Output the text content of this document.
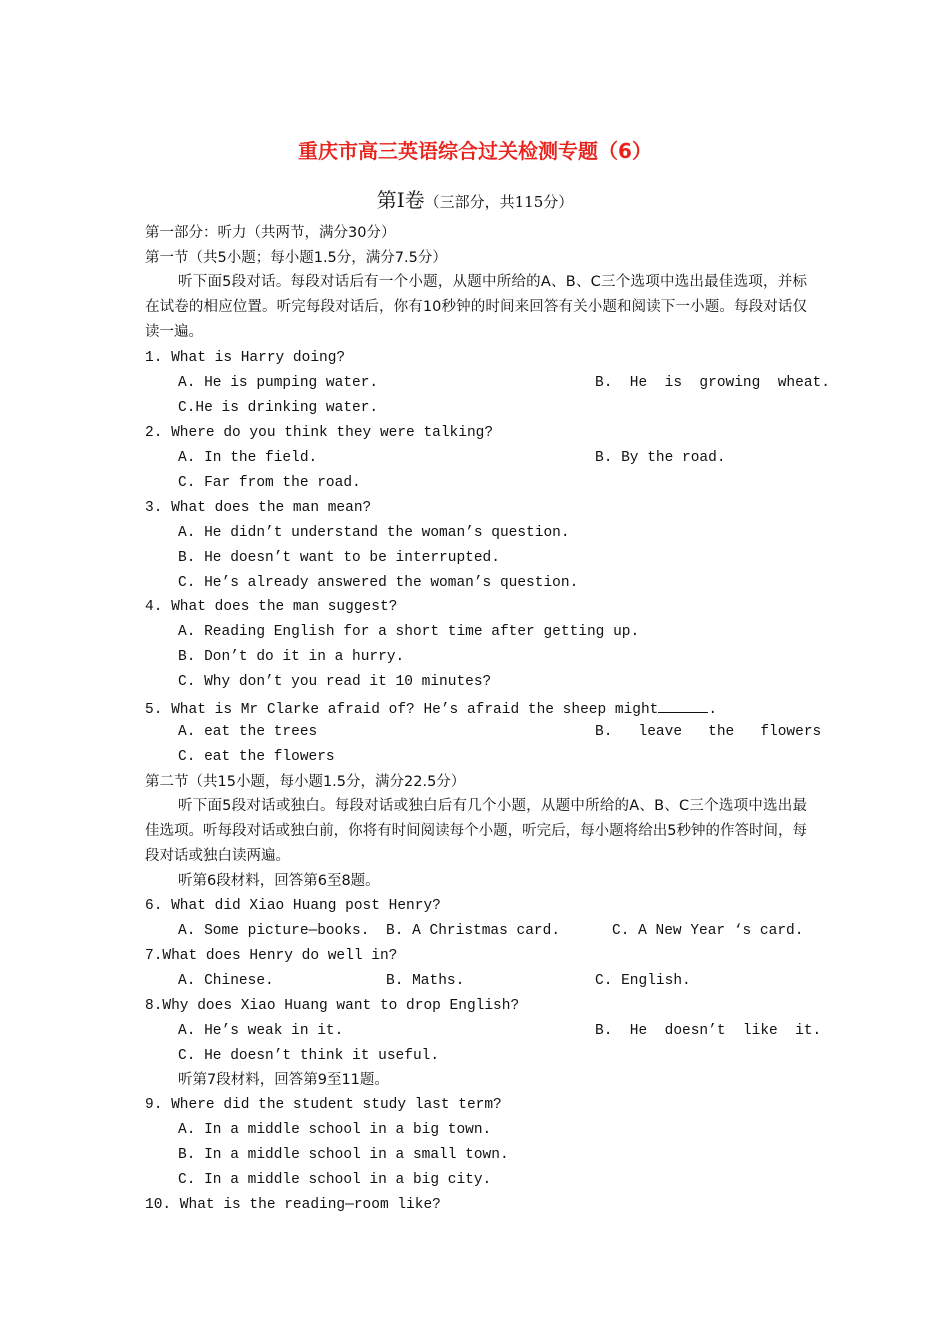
重庆市高三英语综合过关检测专题（6）
第Ⅰ卷（三部分，共115分）
第一部分：听力（共两节，满分30分）
第一节（共5小题；每小题1.5分，满分7.5分）
听下面5段对话。每段对话后有一个小题，从题中所给的A、B、C三个选项中选出最佳选项，并标在试卷的相应位置。听完每段对话后，你有10秒钟的时间来回答有关小题和阅读下一小题。每段对话仅读一遍。
1. What is Harry doing?
A. He is pumping water.	B.  He  is  growing  wheat.
C.He is drinking water.
2. Where do you think they were talking?
A. In the field.	B. By the road.
C. Far from the road.
3. What does the man mean?
A. He didn’t understand the woman’s question.
B. He doesn’t want to be interrupted.
C. He’s already answered the woman’s question.
4. What does the man suggest?
A. Reading English for a short time after getting up.
B. Don’t do it in a hurry.
C. Why don’t you read it 10 minutes?
5. What is Mr Clarke afraid of? He’s afraid the sheep might	.
A. eat the trees	B.   leave   the   flowers
C. eat the flowers
第二节（共15小题，每小题1.5分，满分22.5分）
听下面5段对话或独白。每段对话或独白后有几个小题，从题中所给的A、B、C三个选项中选出最佳选项。听每段对话或独白前，你将有时间阅读每个小题，听完后，每小题将给出5秒钟的作答时间，每段对话或独白读两遍。
听第6段材料，回答第6至8题。
6. What did Xiao Huang post Henry?
A. Some picture—books. B. A Christmas card.	C. A New Year ‘s card.
7.What does Henry do well in?
A. Chinese.	B. Maths.	C. English.
8.Why does Xiao Huang want to drop English?
A. He’s weak in it.	B.  He  doesn’t  like  it.
C. He doesn’t think it useful.
听第7段材料，回答第9至11题。
9. Where did the student study last term?
A. In a middle school in a big town.
B. In a middle school in a small town.
C. In a middle school in a big city.
10. What is the reading—room like?
